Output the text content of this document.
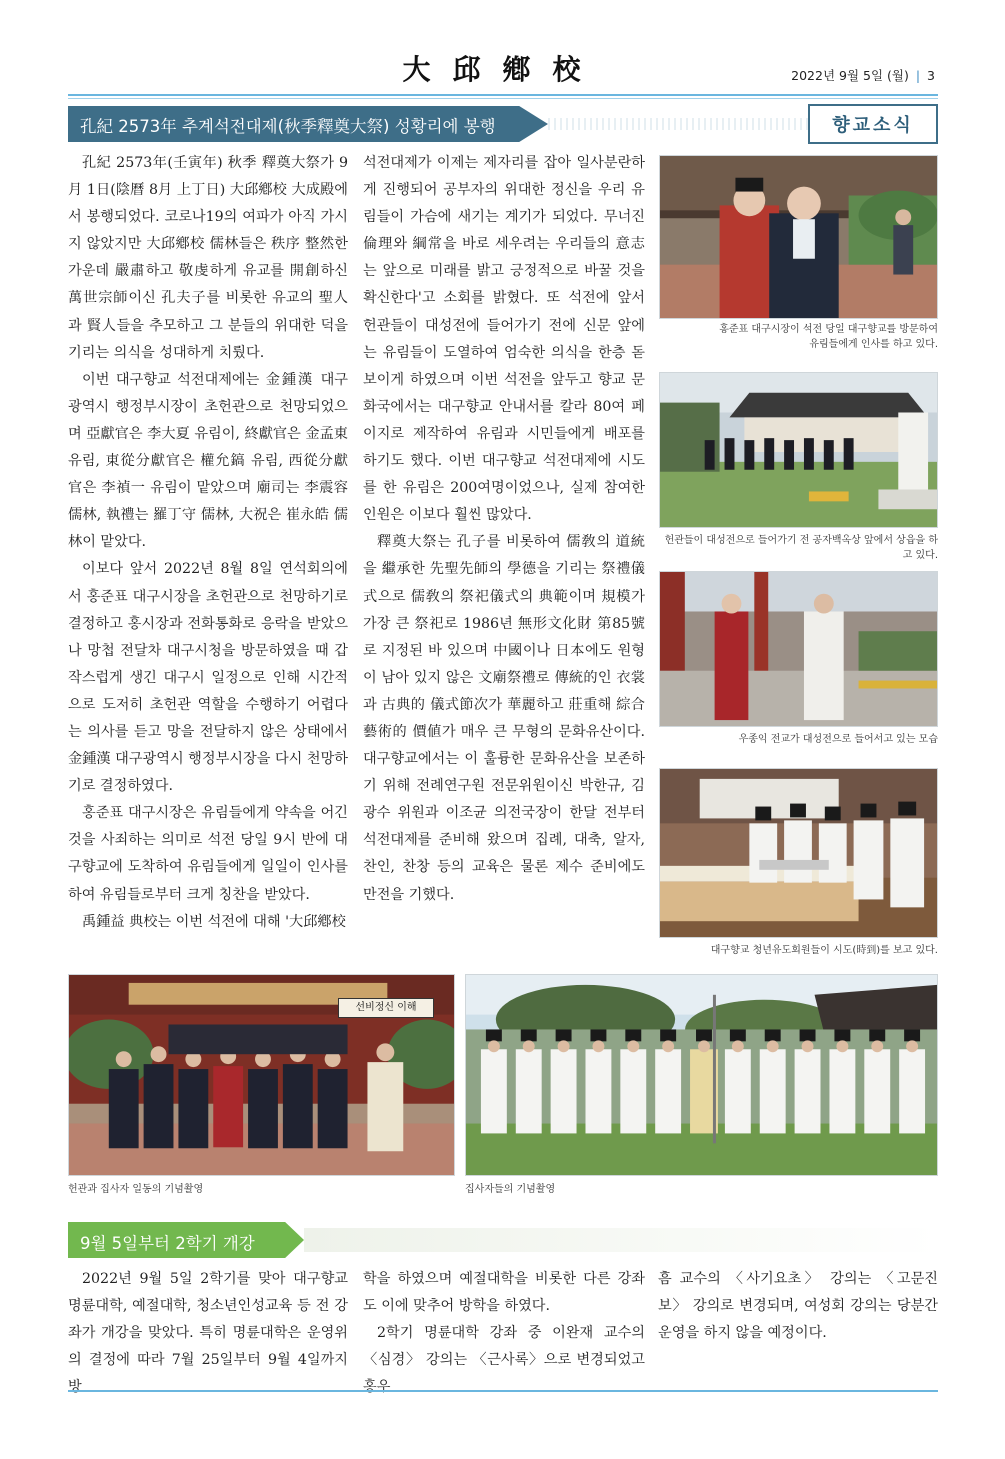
大邱鄕校	2022년 9월 5일 (월) | 3
孔紀 2573年 추계석전대제(秋季釋奠大祭) 성황리에 봉행	향교소식

孔紀 2573年(壬寅年) 秋季 釋奠大祭가 9月 1日(陰曆 8月 上丁日) 大邱鄕校 大成殿에서 봉행되었다. 코로나19의 여파가 아직 가시지 않았지만 大邱鄕校 儒林들은 秩序 整然한 가운데 嚴肅하고 敬虔하게 유교를 開創하신 萬世宗師이신 孔夫子를 비롯한 유교의 聖人과 賢人들을 추모하고 그 분들의 위대한 덕을 기리는 의식을 성대하게 치뤘다.

이번 대구향교 석전대제에는 金鍾漢 대구광역시 행정부시장이 초헌관으로 천망되었으며 亞獻官은 李大夏 유림이, 終獻官은 金孟東 유림, 東從分獻官은 權允鎬 유림, 西從分獻官은 李禎一 유림이 맡았으며 廟司는 李震容 儒林, 執禮는 羅丁守 儒林, 大祝은 崔永皓 儒林이 맡았다.

이보다 앞서 2022년 8월 8일 연석회의에서 홍준표 대구시장을 초헌관으로 천망하기로 결정하고 홍시장과 전화통화로 응락을 받았으나 망첩 전달차 대구시청을 방문하였을 때 갑작스럽게 생긴 대구시 일정으로 인해 시간적으로 도저히 초헌관 역할을 수행하기 어렵다는 의사를 듣고 망을 전달하지 않은 상태에서 金鍾漢 대구광역시 행정부시장을 다시 천망하기로 결정하였다.

홍준표 대구시장은 유림들에게 약속을 어긴 것을 사죄하는 의미로 석전 당일 9시 반에 대구향교에 도착하여 유림들에게 일일이 인사를 하여 유림들로부터 크게 칭찬을 받았다.

禹鍾益 典校는 이번 석전에 대해 '大邱鄕校

석전대제가 이제는 제자리를 잡아 일사분란하게 진행되어 공부자의 위대한 정신을 우리 유림들이 가슴에 새기는 계기가 되었다. 무너진 倫理와 綱常을 바로 세우려는 우리들의 意志는 앞으로 미래를 밝고 긍정적으로 바꿀 것을 확신한다'고 소회를 밝혔다. 또 석전에 앞서 헌관들이 대성전에 들어가기 전에 신문 앞에는 유림들이 도열하여 엄숙한 의식을 한층 돋보이게 하였으며 이번 석전을 앞두고 향교 문화국에서는 대구향교 안내서를 칼라 80여 페이지로 제작하여 유림과 시민들에게 배포를 하기도 했다. 이번 대구향교 석전대제에 시도를 한 유림은 200여명이었으나, 실제 참여한 인원은 이보다 훨씬 많았다.

釋奠大祭는 孔子를 비롯하여 儒敎의 道統을 繼承한 先聖先師의 學德을 기리는 祭禮儀式으로 儒敎의 祭祀儀式의 典範이며 規模가 가장 큰 祭祀로 1986년 無形文化財 第85號로 지정된 바 있으며 中國이나 日本에도 원형이 남아 있지 않은 文廟祭禮로 傳統的인 衣裳과 古典的 儀式節次가 華麗하고 莊重해 綜合藝術的 價値가 매우 큰 무형의 문화유산이다. 대구향교에서는 이 훌륭한 문화유산을 보존하기 위해 전례연구원 전문위원이신 박한규, 김광수 위원과 이조균 의전국장이 한달 전부터 석전대제를 준비해 왔으며 집례, 대축, 알자, 찬인, 찬창 등의 교육은 물론 제수 준비에도 만전을 기했다.

홍준표 대구시장이 석전 당일 대구향교를 방문하여
유림들에게 인사를 하고 있다.
헌관들이 대성전으로 들어가기 전 공자백옥상 앞에서 상읍을 하고 있다.
우종익 전교가 대성전으로 들어서고 있는 모습
대구향교 청년유도회원들이 시도(時到)를 보고 있다.
선비정신 이해
헌관과 집사자 일동의 기념촬영	집사자들의 기념촬영
9월 5일부터 2학기 개강

2022년 9월 5일 2학기를 맞아 대구향교 명륜대학, 예절대학, 청소년인성교육 등 전 강좌가 개강을 맞았다. 특히 명륜대학은 운영위의 결정에 따라 7월 25일부터 9월 4일까지 방

학을 하였으며 예절대학을 비롯한 다른 강좌도 이에 맞추어 방학을 하였다.

2학기 명륜대학 강좌 중 이완재 교수의 〈심경〉 강의는 〈근사록〉으로 변경되었고 홍우

흠 교수의 〈사기요초〉 강의는 〈고문진보〉 강의로 변경되며, 여성회 강의는 당분간 운영을 하지 않을 예정이다.
